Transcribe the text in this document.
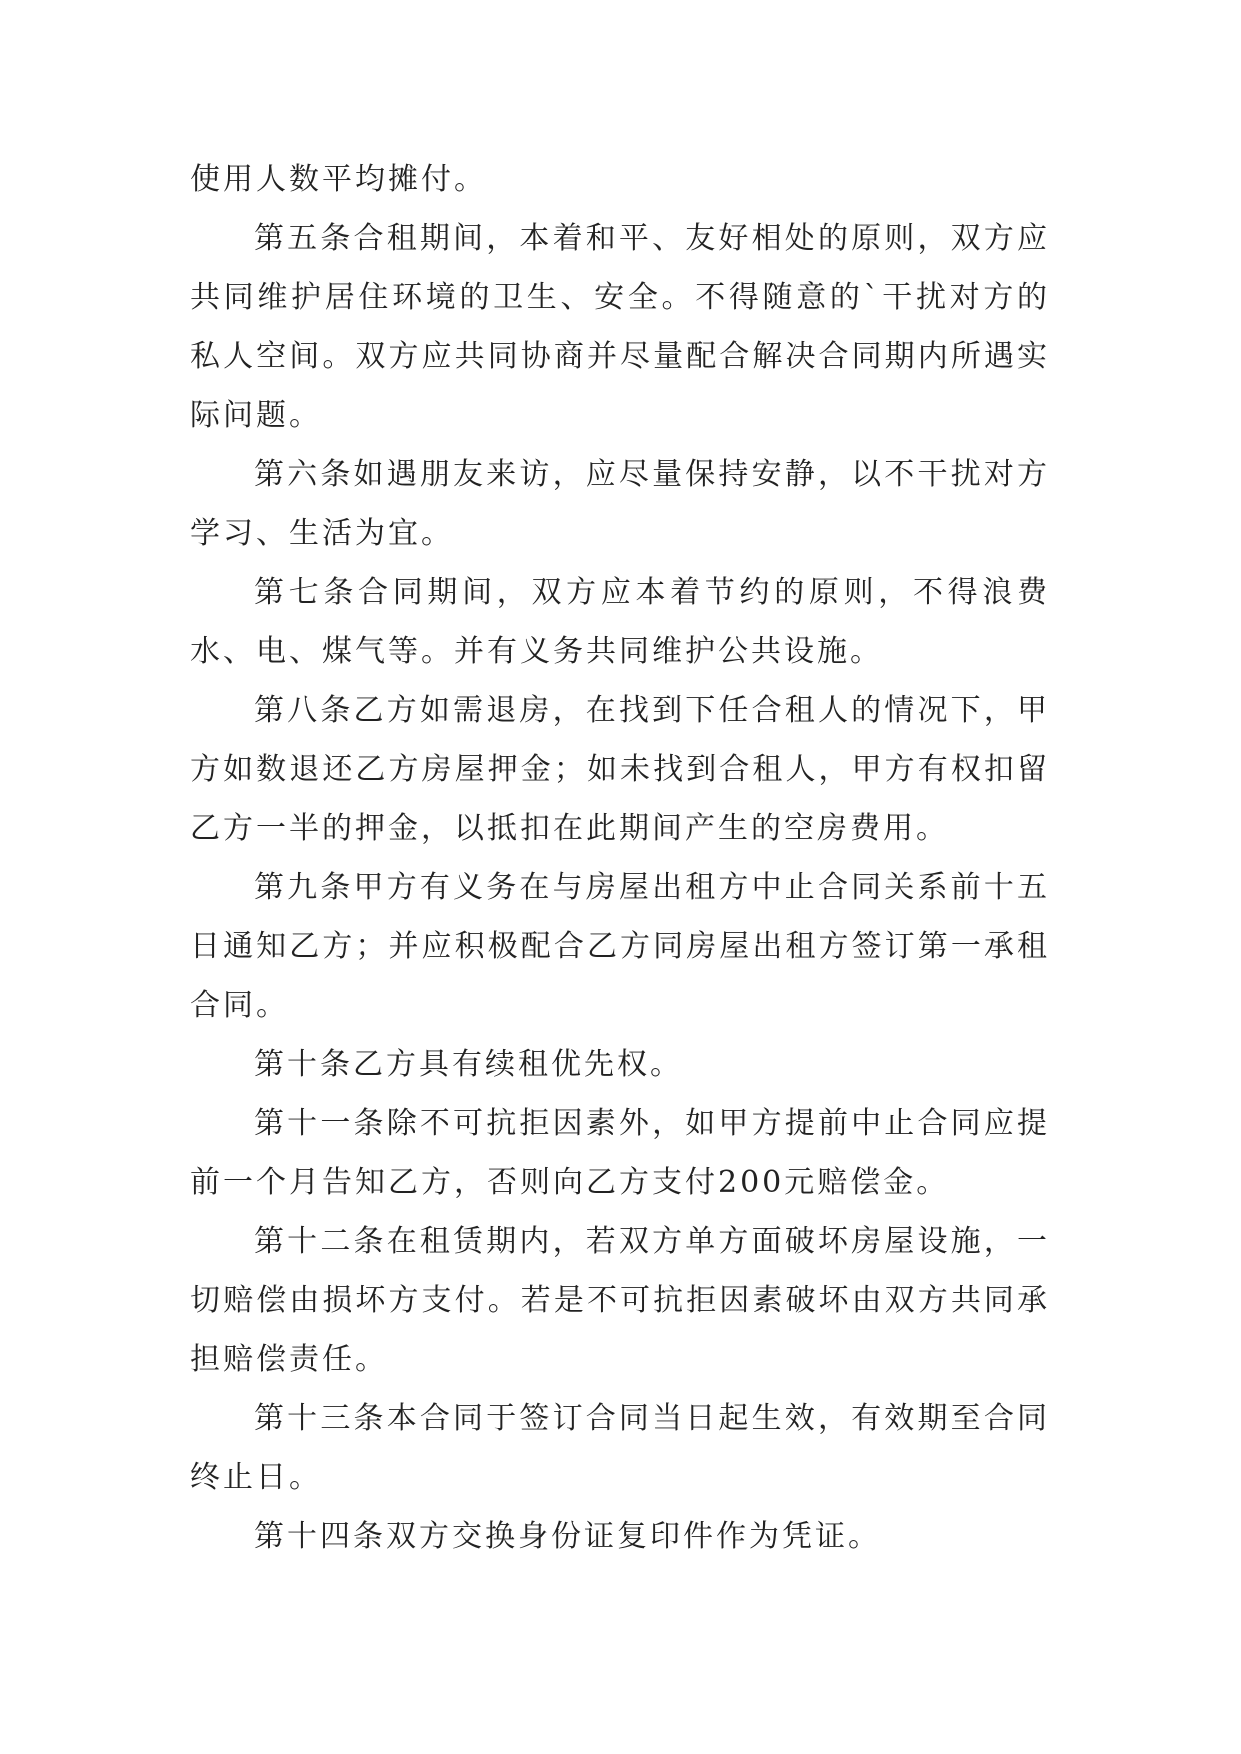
使用人数平均摊付。

第五条合租期间，本着和平、友好相处的原则，双方应共同维护居住环境的卫生、安全。不得随意的`干扰对方的私人空间。双方应共同协商并尽量配合解决合同期内所遇实际问题。

第六条如遇朋友来访，应尽量保持安静，以不干扰对方学习、生活为宜。

第七条合同期间，双方应本着节约的原则，不得浪费水、电、煤气等。并有义务共同维护公共设施。

第八条乙方如需退房，在找到下任合租人的情况下，甲方如数退还乙方房屋押金；如未找到合租人，甲方有权扣留乙方一半的押金，以抵扣在此期间产生的空房费用。

第九条甲方有义务在与房屋出租方中止合同关系前十五日通知乙方；并应积极配合乙方同房屋出租方签订第一承租合同。

第十条乙方具有续租优先权。

第十一条除不可抗拒因素外，如甲方提前中止合同应提前一个月告知乙方，否则向乙方支付200元赔偿金。

第十二条在租赁期内，若双方单方面破坏房屋设施，一切赔偿由损坏方支付。若是不可抗拒因素破坏由双方共同承担赔偿责任。

第十三条本合同于签订合同当日起生效，有效期至合同终止日。

第十四条双方交换身份证复印件作为凭证。
